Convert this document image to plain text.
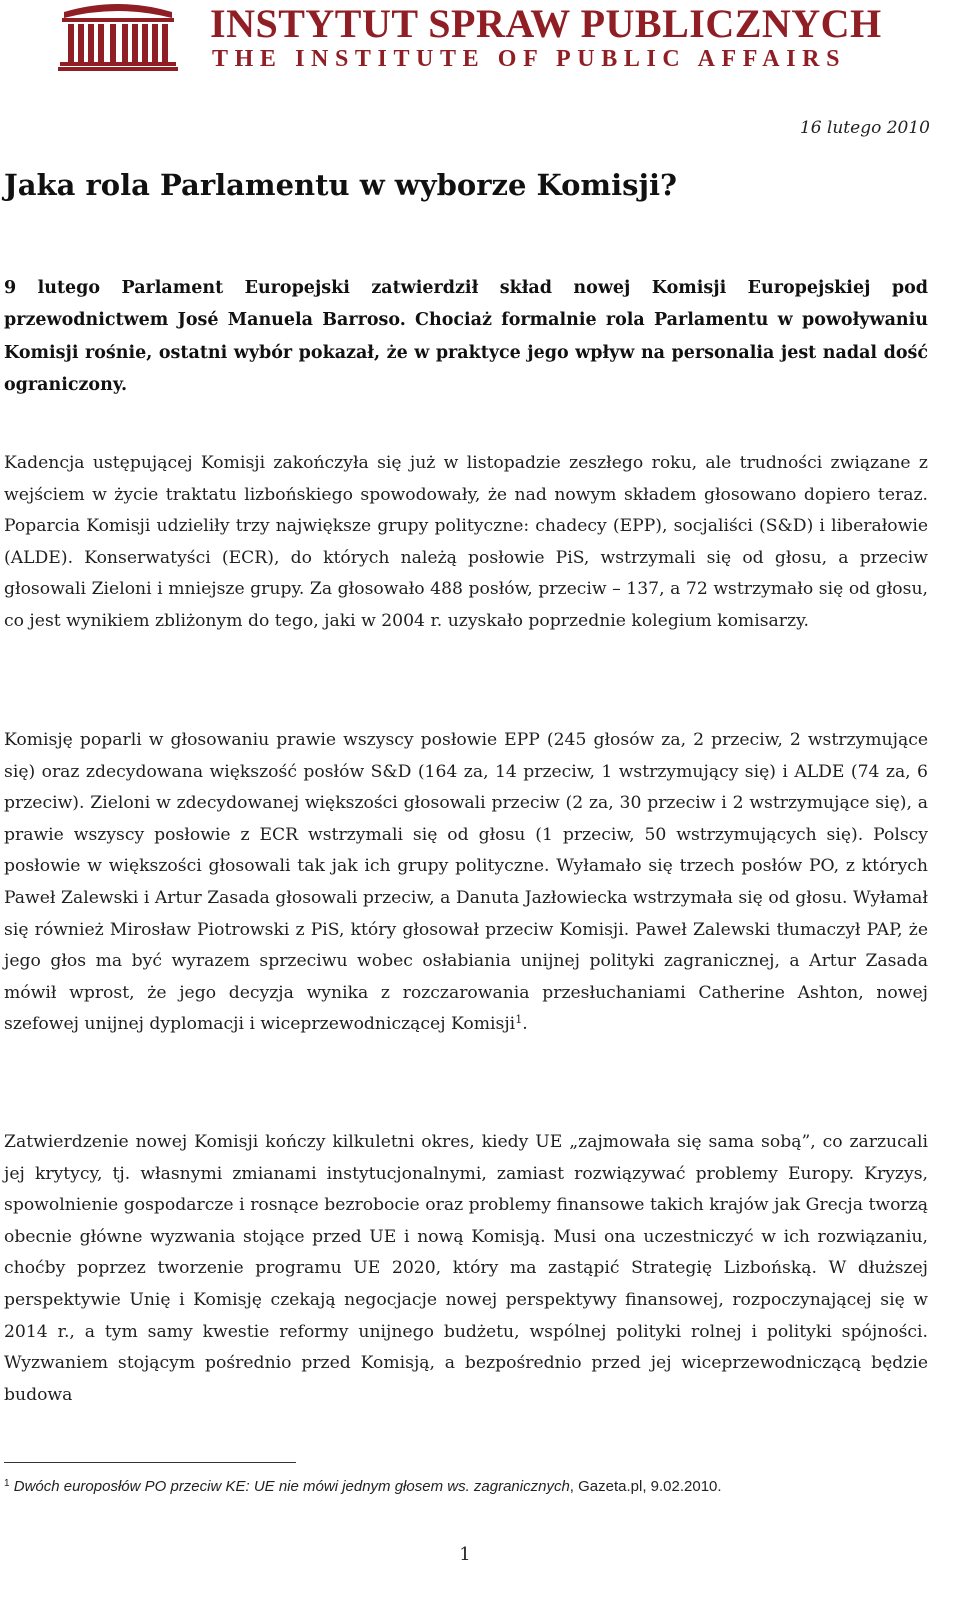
INSTYTUT SPRAW PUBLICZNYCH
THE INSTITUTE OF PUBLIC AFFAIRS
16 lutego 2010
Jaka rola Parlamentu w wyborze Komisji?

9 lutego Parlament Europejski zatwierdził skład nowej Komisji Europejskiej pod przewodnictwem José Manuela Barroso. Chociaż formalnie rola Parlamentu w powoływaniu Komisji rośnie, ostatni wybór pokazał, że w praktyce jego wpływ na personalia jest nadal dość ograniczony.

Kadencja ustępującej Komisji zakończyła się już w listopadzie zeszłego roku, ale trudności związane z wejściem w życie traktatu lizbońskiego spowodowały, że nad nowym składem głosowano dopiero teraz. Poparcia Komisji udzieliły trzy największe grupy polityczne: chadecy (EPP), socjaliści (S&D) i liberałowie (ALDE). Konserwatyści (ECR), do których należą posłowie PiS, wstrzymali się od głosu, a przeciw głosowali Zieloni i mniejsze grupy. Za głosowało 488 posłów, przeciw – 137, a 72 wstrzymało się od głosu, co jest wynikiem zbliżonym do tego, jaki w 2004 r. uzyskało poprzednie kolegium komisarzy.

Komisję poparli w głosowaniu prawie wszyscy posłowie EPP (245 głosów za, 2 przeciw, 2 wstrzymujące się) oraz zdecydowana większość posłów S&D (164 za, 14 przeciw, 1 wstrzymujący się) i ALDE (74 za, 6 przeciw). Zieloni w zdecydowanej większości głosowali przeciw (2 za, 30 przeciw i 2 wstrzymujące się), a prawie wszyscy posłowie z ECR wstrzymali się od głosu (1 przeciw, 50 wstrzymujących się). Polscy posłowie w większości głosowali tak jak ich grupy polityczne. Wyłamało się trzech posłów PO, z których Paweł Zalewski i Artur Zasada głosowali przeciw, a Danuta Jazłowiecka wstrzymała się od głosu. Wyłamał się również Mirosław Piotrowski z PiS, który głosował przeciw Komisji. Paweł Zalewski tłumaczył PAP, że jego głos ma być wyrazem sprzeciwu wobec osłabiania unijnej polityki zagranicznej, a Artur Zasada mówił wprost, że jego decyzja wynika z rozczarowania przesłuchaniami Catherine Ashton, nowej szefowej unijnej dyplomacji i wiceprzewodniczącej Komisji$^1$.

Zatwierdzenie nowej Komisji kończy kilkuletni okres, kiedy UE „zajmowała się sama sobą”, co zarzucali jej krytycy, tj. własnymi zmianami instytucjonalnymi, zamiast rozwiązywać problemy Europy. Kryzys, spowolnienie gospodarcze i rosnące bezrobocie oraz problemy finansowe takich krajów jak Grecja tworzą obecnie główne wyzwania stojące przed UE i nową Komisją. Musi ona uczestniczyć w ich rozwiązaniu, choćby poprzez tworzenie programu UE 2020, który ma zastąpić Strategię Lizbońską. W dłuższej perspektywie Unię i Komisję czekają negocjacje nowej perspektywy finansowej, rozpoczynającej się w 2014 r., a tym samy kwestie reformy unijnego budżetu, wspólnej polityki rolnej i polityki spójności. Wyzwaniem stojącym pośrednio przed Komisją, a bezpośrednio przed jej wiceprzewodniczącą będzie budowa

$^1$ Dwóch europosłów PO przeciw KE: UE nie mówi jednym głosem ws. zagranicznych, Gazeta.pl, 9.02.2010.

1
